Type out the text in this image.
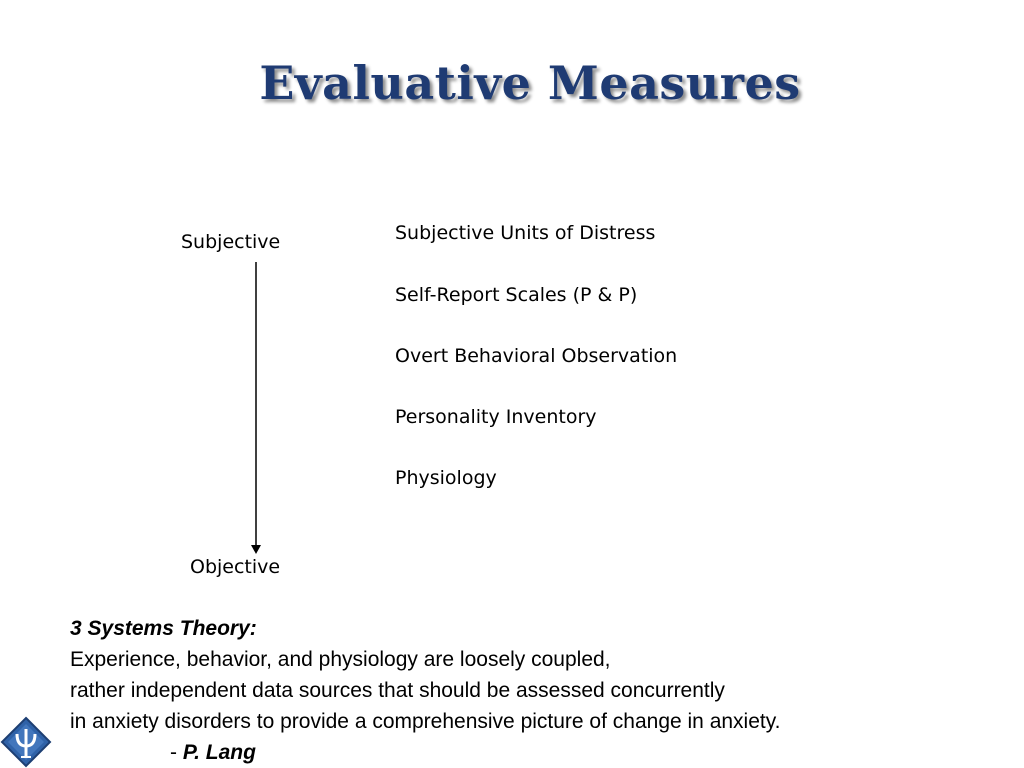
Evaluative Measures
Subjective
Objective
Subjective Units of Distress
Self-Report Scales (P & P)
Overt Behavioral Observation
Personality Inventory
Physiology
3 Systems Theory:
Experience, behavior, and physiology are loosely coupled,
rather independent data sources that should be assessed concurrently
in anxiety disorders to provide a comprehensive picture of change in anxiety.
- P. Lang
